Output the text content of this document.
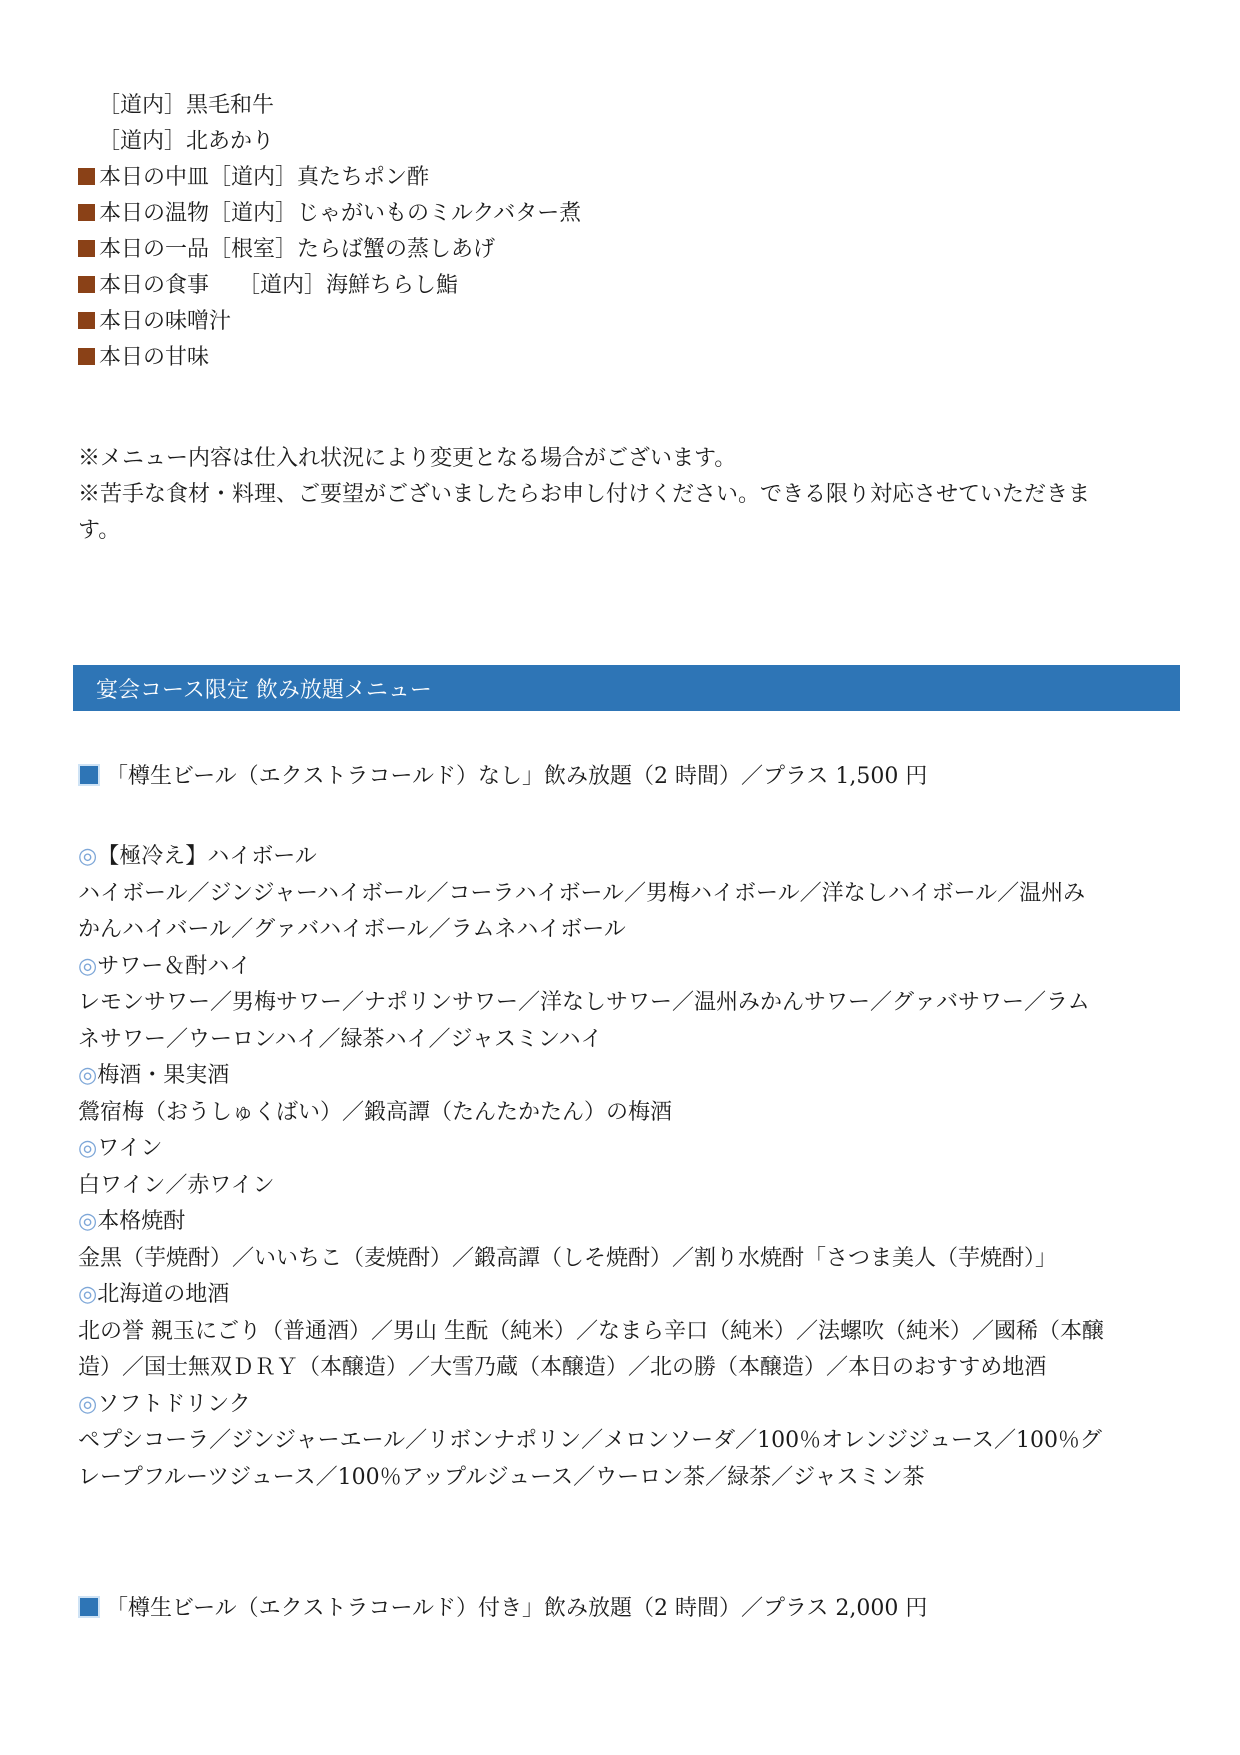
［道内］黒毛和牛
［道内］北あかり
本日の中皿［道内］真たちポン酢
本日の温物［道内］じゃがいものミルクバター煮
本日の一品［根室］たらば蟹の蒸しあげ
本日の食事　 ［道内］海鮮ちらし鮨
本日の味噌汁
本日の甘味
※メニュー内容は仕入れ状況により変更となる場合がございます。
※苦手な食材・料理、ご要望がございましたらお申し付けください。できる限り対応させていただきま
す。
宴会コース限定 飲み放題メニュー
「樽生ビール（エクストラコールド）なし」飲み放題（2 時間）／プラス 1,500 円
◎【極冷え】ハイボール
ハイボール／ジンジャーハイボール／コーラハイボール／男梅ハイボール／洋なしハイボール／温州み
かんハイバール／グァバハイボール／ラムネハイボール
◎サワー＆酎ハイ
レモンサワー／男梅サワー／ナポリンサワー／洋なしサワー／温州みかんサワー／グァバサワー／ラム
ネサワー／ウーロンハイ／緑茶ハイ／ジャスミンハイ
◎梅酒・果実酒
鶯宿梅（おうしゅくばい）／鍛高譚（たんたかたん）の梅酒
◎ワイン
白ワイン／赤ワイン
◎本格焼酎
金黒（芋焼酎）／いいちこ（麦焼酎）／鍛高譚（しそ焼酎）／割り水焼酎「さつま美人（芋焼酎）」
◎北海道の地酒
北の誉 親玉にごり（普通酒）／男山 生酛（純米）／なまら辛口（純米）／法螺吹（純米）／國稀（本醸
造）／国士無双ＤＲＹ（本醸造）／大雪乃蔵（本醸造）／北の勝（本醸造）／本日のおすすめ地酒
◎ソフトドリンク
ペプシコーラ／ジンジャーエール／リボンナポリン／メロンソーダ／100％オレンジジュース／100％グ
レープフルーツジュース／100％アップルジュース／ウーロン茶／緑茶／ジャスミン茶
「樽生ビール（エクストラコールド）付き」飲み放題（2 時間）／プラス 2,000 円
